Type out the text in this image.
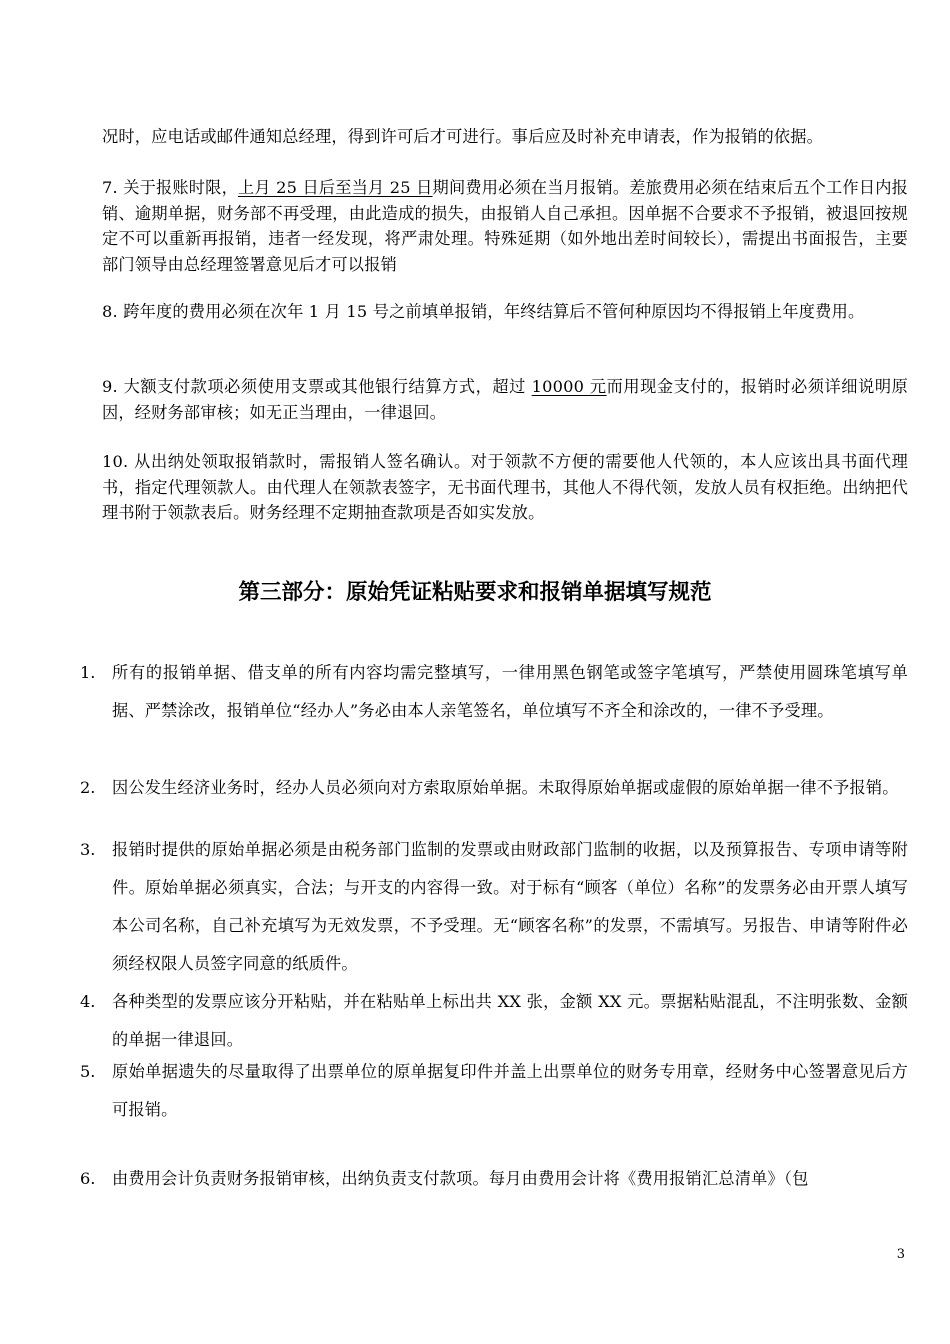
况时，应电话或邮件通知总经理，得到许可后才可进行。事后应及时补充申请表，作为报销的依据。
7. 关于报账时限，上月 25 日后至当月 25 日期间费用必须在当月报销。差旅费用必须在结束后五个工作日内报销、逾期单据，财务部不再受理，由此造成的损失，由报销人自己承担。因单据不合要求不予报销，被退回按规定不可以重新再报销，违者一经发现，将严肃处理。特殊延期（如外地出差时间较长），需提出书面报告，主要部门领导由总经理签署意见后才可以报销
8. 跨年度的费用必须在次年 1 月 15 号之前填单报销，年终结算后不管何种原因均不得报销上年度费用。
9. 大额支付款项必须使用支票或其他银行结算方式，超过 10000 元而用现金支付的，报销时必须详细说明原因，经财务部审核；如无正当理由，一律退回。
10. 从出纳处领取报销款时，需报销人签名确认。对于领款不方便的需要他人代领的，本人应该出具书面代理书，指定代理领款人。由代理人在领款表签字，无书面代理书，其他人不得代领，发放人员有权拒绝。出纳把代理书附于领款表后。财务经理不定期抽查款项是否如实发放。
第三部分：原始凭证粘贴要求和报销单据填写规范
1.	所有的报销单据、借支单的所有内容均需完整填写，一律用黑色钢笔或签字笔填写，严禁使用圆珠笔填写单据、严禁涂改，报销单位“经办人”务必由本人亲笔签名，单位填写不齐全和涂改的，一律不予受理。
2.	因公发生经济业务时，经办人员必须向对方索取原始单据。未取得原始单据或虚假的原始单据一律不予报销。
3.	报销时提供的原始单据必须是由税务部门监制的发票或由财政部门监制的收据，以及预算报告、专项申请等附件。原始单据必须真实，合法；与开支的内容得一致。对于标有“顾客（单位）名称”的发票务必由开票人填写本公司名称，自己补充填写为无效发票，不予受理。无“顾客名称”的发票，不需填写。另报告、申请等附件必须经权限人员签字同意的纸质件。
4.	各种类型的发票应该分开粘贴，并在粘贴单上标出共 XX 张，金额 XX 元。票据粘贴混乱，不注明张数、金额的单据一律退回。
5.	原始单据遗失的尽量取得了出票单位的原单据复印件并盖上出票单位的财务专用章，经财务中心签署意见后方可报销。
6.	由费用会计负责财务报销审核，出纳负责支付款项。每月由费用会计将《费用报销汇总清单》（包
3
